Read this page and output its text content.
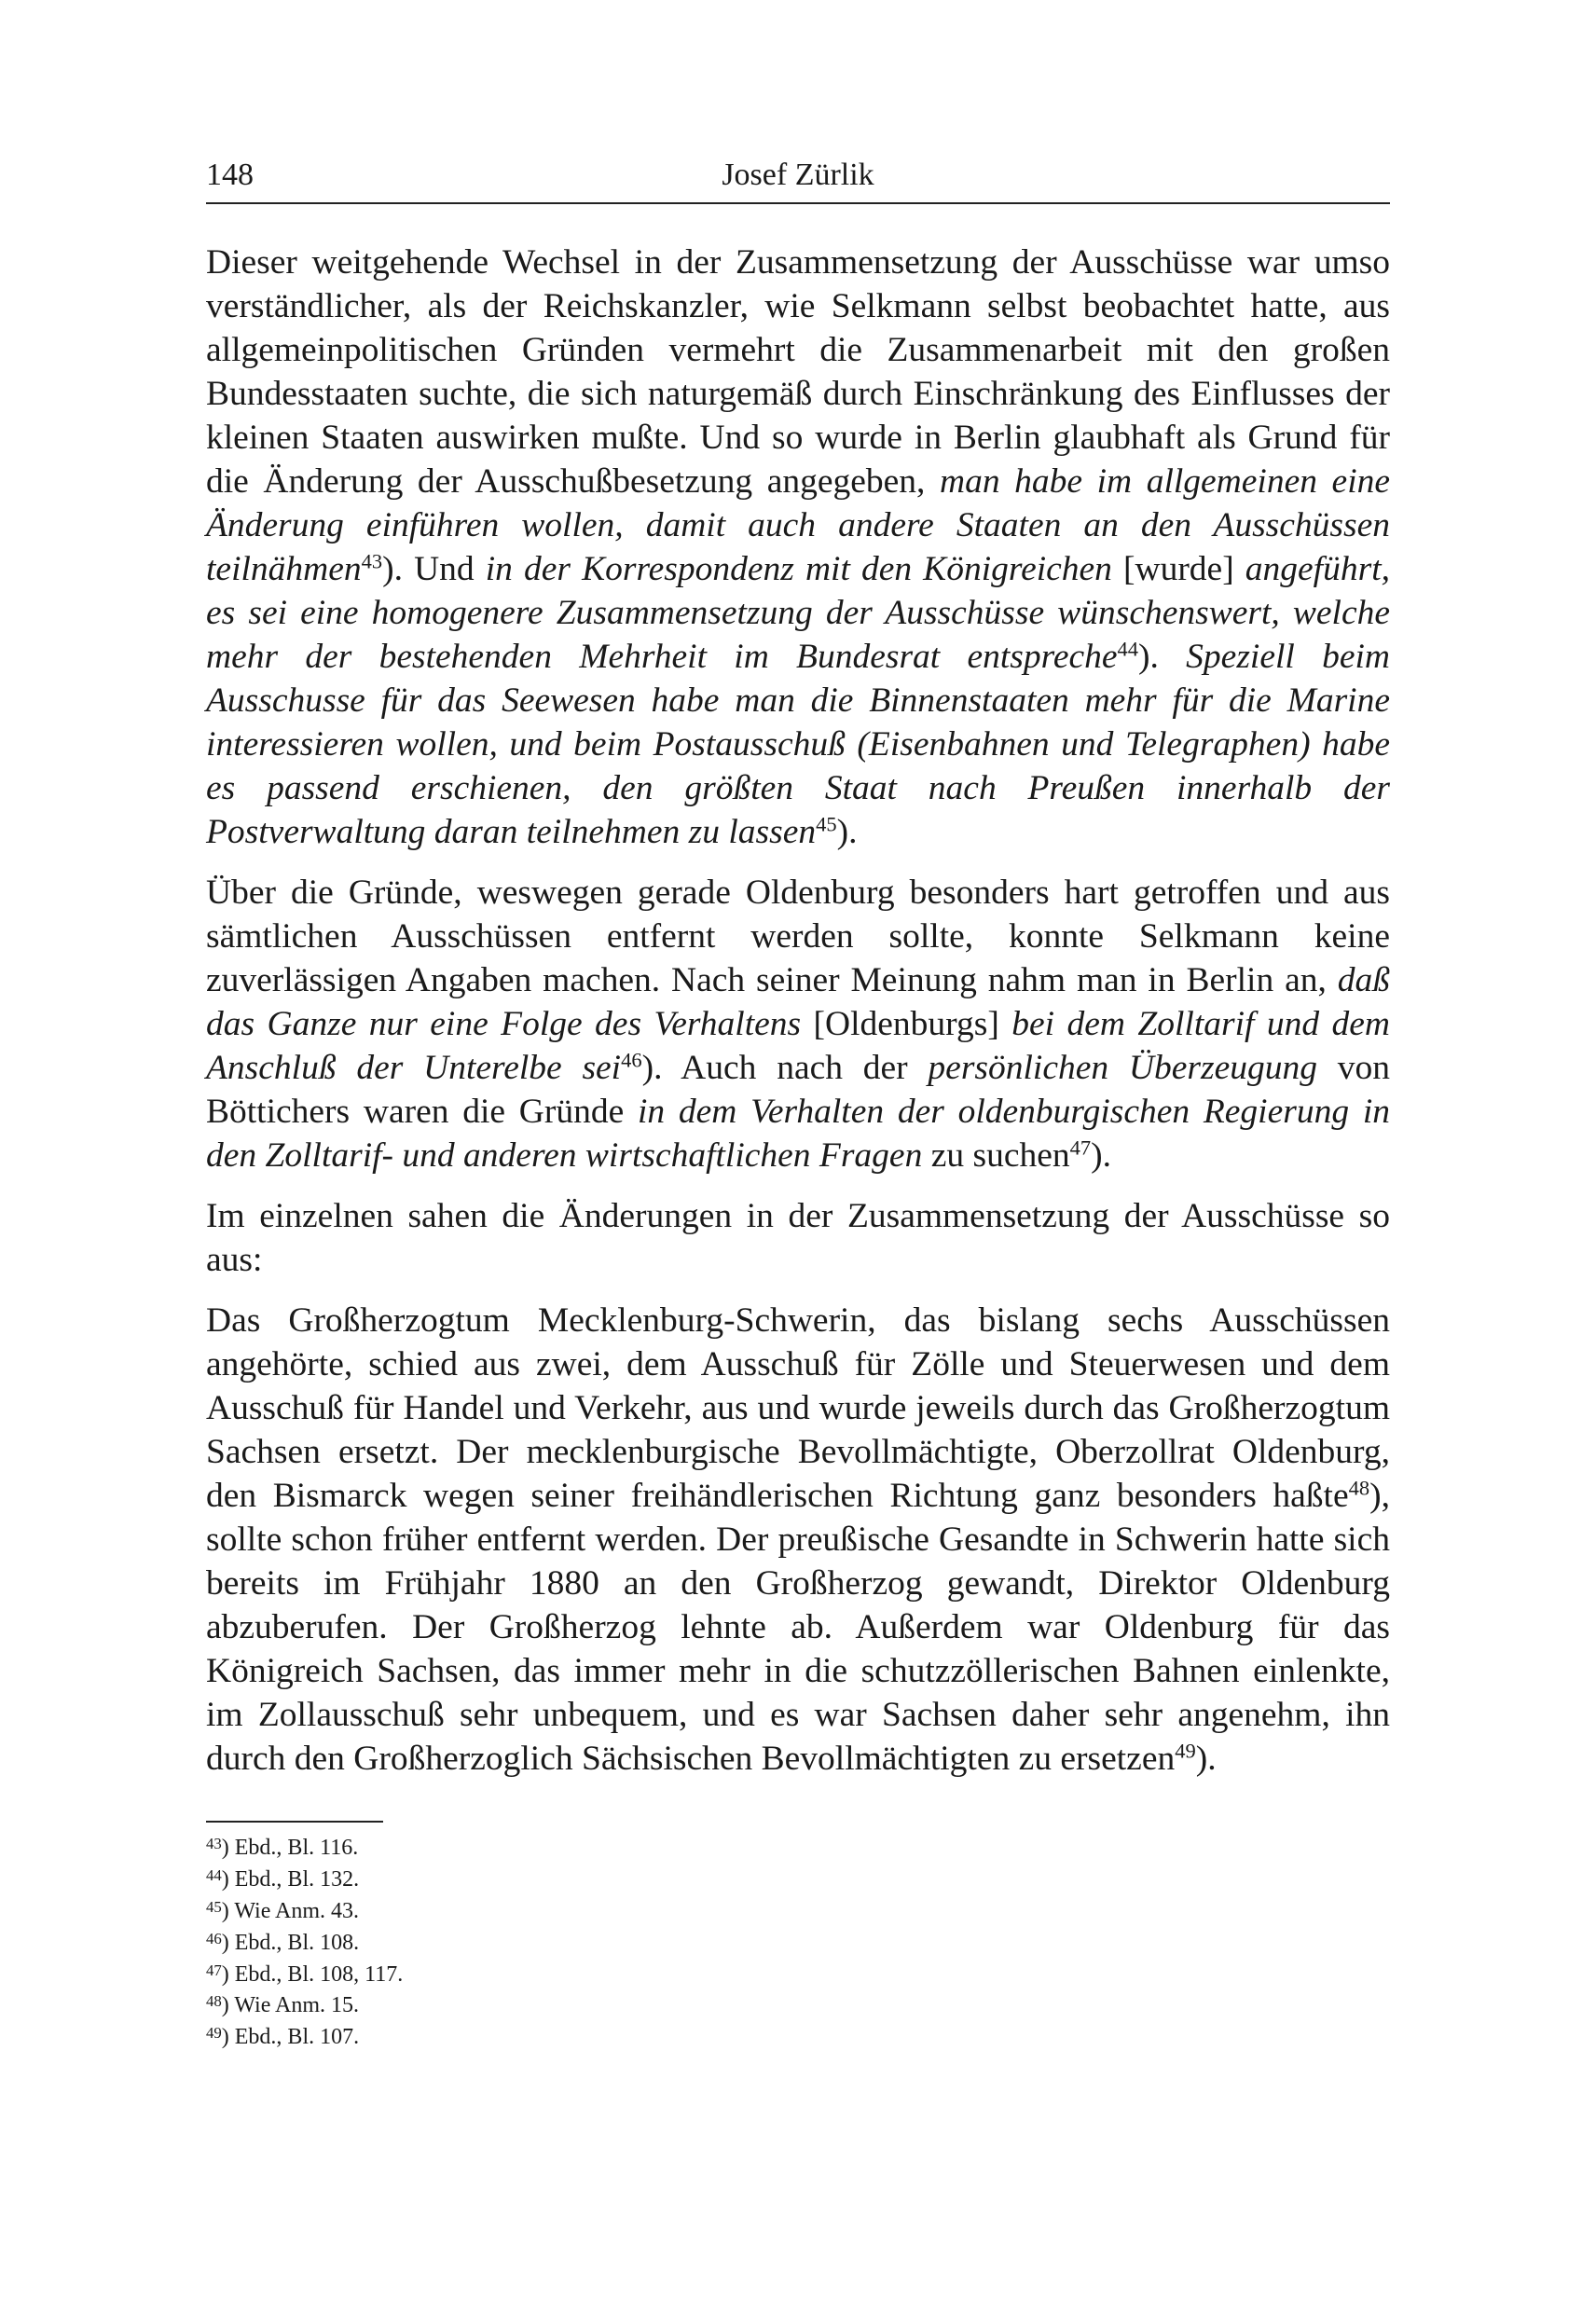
148	Josef Zürlik

Dieser weitgehende Wechsel in der Zusammensetzung der Ausschüsse war umso verständlicher, als der Reichskanzler, wie Selkmann selbst beobachtet hatte, aus allgemeinpolitischen Gründen vermehrt die Zusammenarbeit mit den großen Bundesstaaten suchte, die sich naturgemäß durch Einschränkung des Einflusses der kleinen Staaten auswirken mußte. Und so wurde in Berlin glaubhaft als Grund für die Änderung der Ausschußbesetzung angegeben, man habe im allgemeinen eine Änderung einführen wollen, damit auch andere Staaten an den Ausschüssen teilnähmen$^{43}$). Und in der Korrespondenz mit den Königreichen [wurde] angeführt, es sei eine homogenere Zusammensetzung der Ausschüsse wünschenswert, welche mehr der bestehenden Mehrheit im Bundesrat entspreche$^{44}$). Speziell beim Ausschusse für das Seewesen habe man die Binnenstaaten mehr für die Marine interessieren wollen, und beim Postausschuß (Eisenbahnen und Telegraphen) habe es passend erschienen, den größten Staat nach Preußen innerhalb der Postverwaltung daran teilnehmen zu lassen$^{45}$).

Über die Gründe, weswegen gerade Oldenburg besonders hart getroffen und aus sämtlichen Ausschüssen entfernt werden sollte, konnte Selkmann keine zuverlässigen Angaben machen. Nach seiner Meinung nahm man in Berlin an, daß das Ganze nur eine Folge des Verhaltens [Oldenburgs] bei dem Zolltarif und dem Anschluß der Unterelbe sei$^{46}$). Auch nach der persönlichen Überzeugung von Böttichers waren die Gründe in dem Verhalten der oldenburgischen Regierung in den Zolltarif- und anderen wirtschaftlichen Fragen zu suchen$^{47}$).

Im einzelnen sahen die Änderungen in der Zusammensetzung der Ausschüsse so aus:

Das Großherzogtum Mecklenburg-Schwerin, das bislang sechs Ausschüssen angehörte, schied aus zwei, dem Ausschuß für Zölle und Steuerwesen und dem Ausschuß für Handel und Verkehr, aus und wurde jeweils durch das Großherzogtum Sachsen ersetzt. Der mecklenburgische Bevollmächtigte, Oberzollrat Oldenburg, den Bismarck wegen seiner freihändlerischen Richtung ganz besonders haßte$^{48}$), sollte schon früher entfernt werden. Der preußische Gesandte in Schwerin hatte sich bereits im Frühjahr 1880 an den Großherzog gewandt, Direktor Oldenburg abzuberufen. Der Großherzog lehnte ab. Außerdem war Oldenburg für das Königreich Sachsen, das immer mehr in die schutzzöllerischen Bahnen einlenkte, im Zollausschuß sehr unbequem, und es war Sachsen daher sehr angenehm, ihn durch den Großherzoglich Sächsischen Bevollmächtigten zu ersetzen$^{49}$).

$^{43}$) Ebd., Bl. 116.
$^{44}$) Ebd., Bl. 132.
$^{45}$) Wie Anm. 43.
$^{46}$) Ebd., Bl. 108.
$^{47}$) Ebd., Bl. 108, 117.
$^{48}$) Wie Anm. 15.
$^{49}$) Ebd., Bl. 107.
